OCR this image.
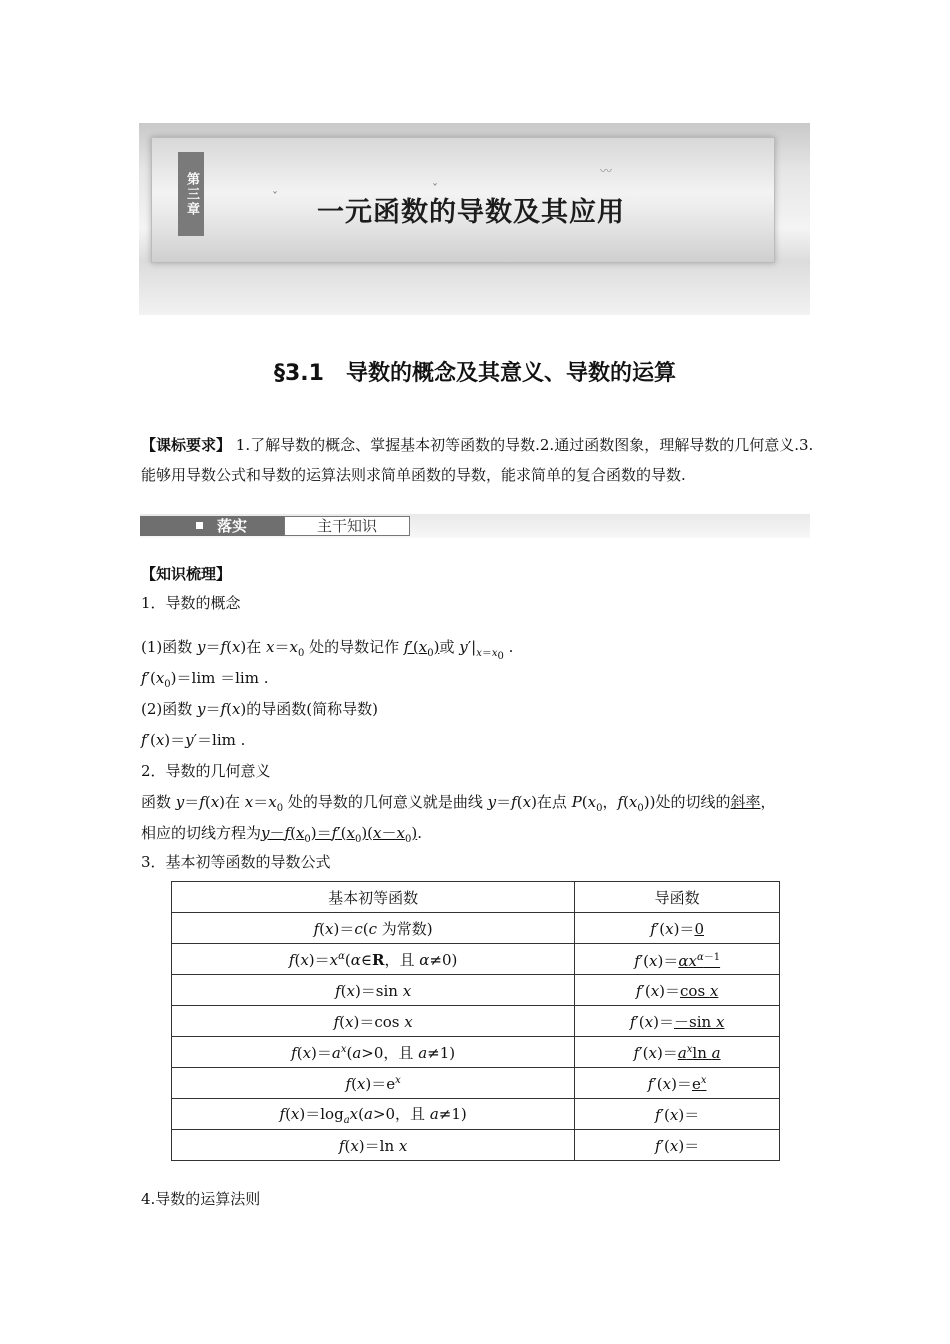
第三章	一元函数的导数及其应用
〰
ˇ
ˇ
§3.1　导数的概念及其意义、导数的运算
【课标要求】 1.了解导数的概念、掌握基本初等函数的导数.2.通过函数图象，理解导数的几何意义.3.能够用导数公式和导数的运算法则求简单函数的导数，能求简单的复合函数的导数.
落实	主干知识
【知识梳理】
1．导数的概念
(1)函数 y＝f(x)在 $x=x_0$ 处的导数记作 $f'(x_0)$或 $y'|_{x=x_0}$ .
$f'(x_0)=\lim =\lim$ .
(2)函数 y＝f(x)的导函数(简称导数)
f′(x)＝y′＝lim .
2．导数的几何意义
函数 y＝f(x)在 $x=x_0$ 处的导数的几何意义就是曲线 y＝f(x)在点 $P(x_0$，$f(x_0)$)处的切线的斜率，
相应的切线方程为$y-f(x_0)=f'(x_0)(x-x_0)$.
3．基本初等函数的导数公式
基本初等函数	导函数
f(x)＝c(c 为常数)	f′(x)＝0
$f(x)=x^\alpha(\alpha\in R$，且 α≠0)	$f'(x)=\alpha x^{\alpha-1}$
f(x)＝sin x	f′(x)＝cos x
f(x)＝cos x	f′(x)＝－sin x
$f(x)=a^x(a>0$，且 a≠1)	$f'(x)=a^x\ln$ a
$f(x)=e^x$	$f'(x)=e^x$
$f(x)=\log_ax(a>0$，且 a≠1)	f′(x)＝
f(x)＝ln x	f′(x)＝
4.导数的运算法则
